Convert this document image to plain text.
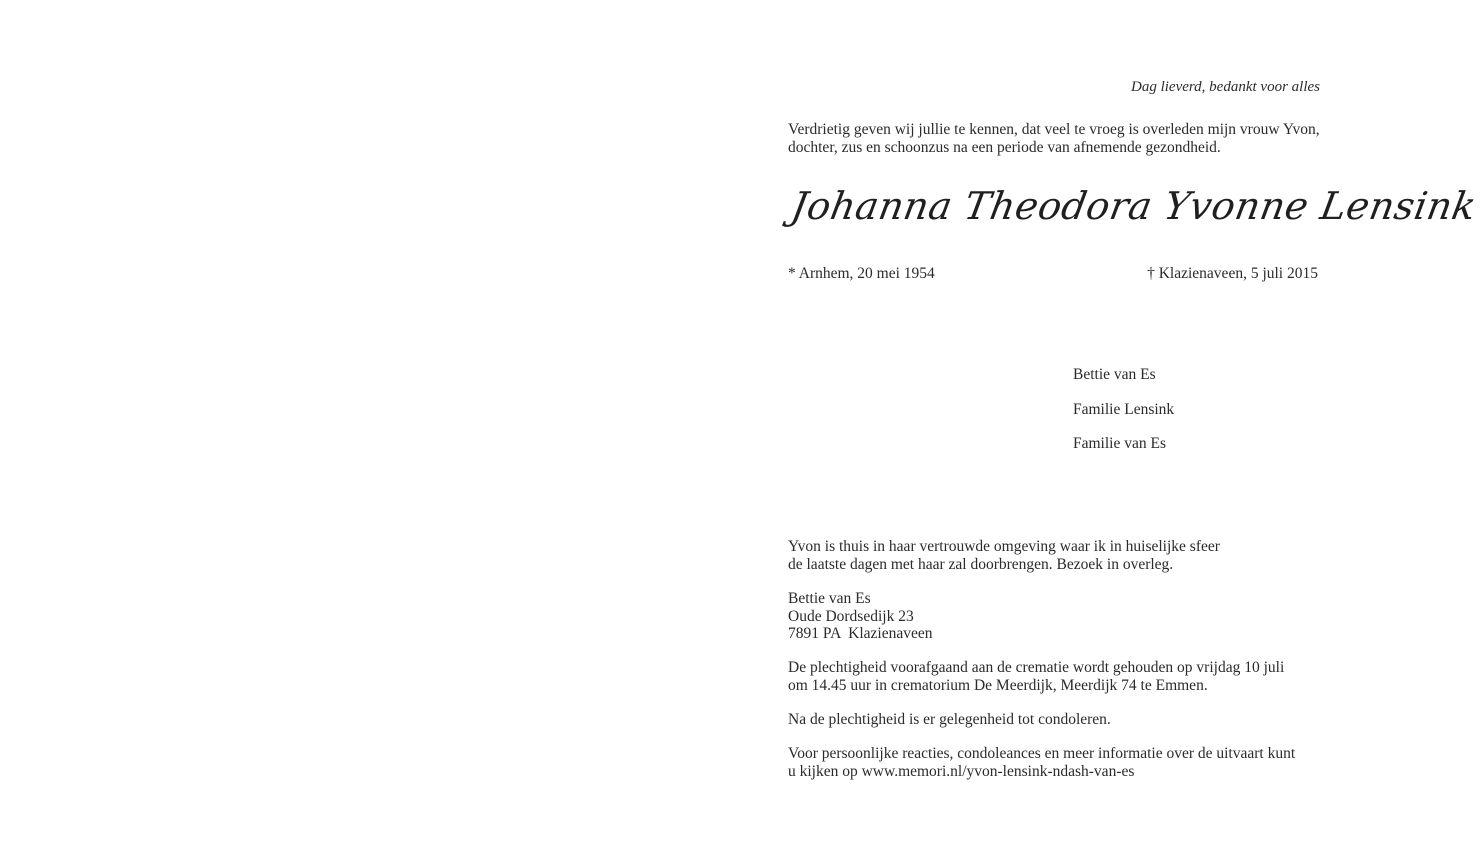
Dag lieverd, bedankt voor alles
Verdrietig geven wij jullie te kennen, dat veel te vroeg is overleden mijn vrouw Yvon,
dochter, zus en schoonzus na een periode van afnemende gezondheid.
Johanna Theodora Yvonne Lensink
* Arnhem, 20 mei 1954	† Klazienaveen, 5 juli 2015
Bettie van Es
Familie Lensink
Familie van Es
Yvon is thuis in haar vertrouwde omgeving waar ik in huiselijke sfeer
de laatste dagen met haar zal doorbrengen. Bezoek in overleg.
Bettie van Es
Oude Dordsedijk 23
7891 PA  Klazienaveen
De plechtigheid voorafgaand aan de crematie wordt gehouden op vrijdag 10 juli
om 14.45 uur in crematorium De Meerdijk, Meerdijk 74 te Emmen.
Na de plechtigheid is er gelegenheid tot condoleren.
Voor persoonlijke reacties, condoleances en meer informatie over de uitvaart kunt
u kijken op www.memori.nl/yvon-lensink-ndash-van-es
